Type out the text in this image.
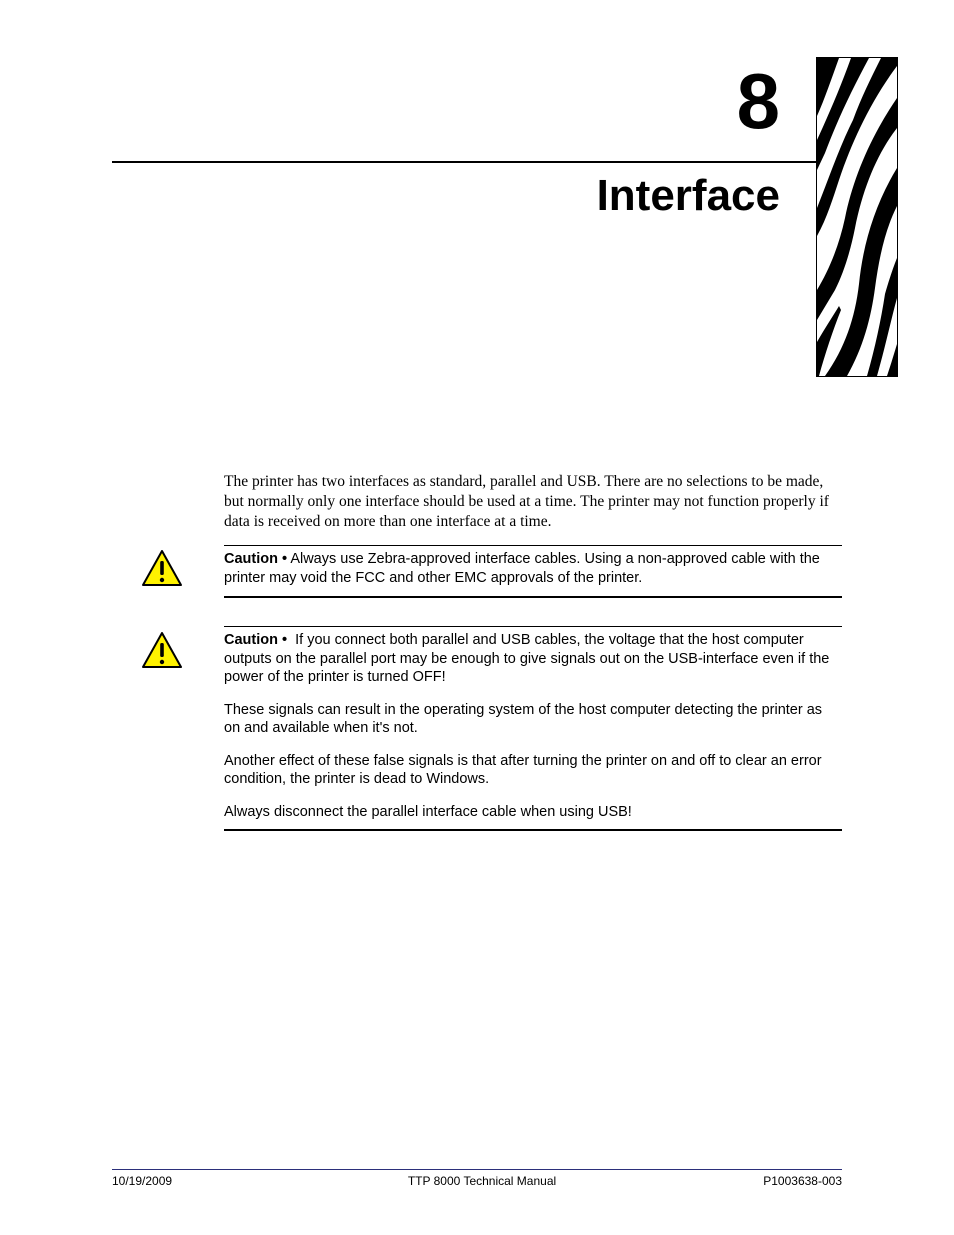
8
Interface

The printer has two interfaces as standard, parallel and USB. There are no selections to be made, but normally only one interface should be used at a time. The printer may not function properly if data is received on more than one interface at a time.

Caution • Always use Zebra-approved interface cables. Using a non-approved cable with the printer may void the FCC and other EMC approvals of the printer.

Caution • If you connect both parallel and USB cables, the voltage that the host computer outputs on the parallel port may be enough to give signals out on the USB-interface even if the power of the printer is turned OFF!

These signals can result in the operating system of the host computer detecting the printer as on and available when it's not.

Another effect of these false signals is that after turning the printer on and off to clear an error condition, the printer is dead to Windows.

Always disconnect the parallel interface cable when using USB!

10/19/2009	TTP 8000 Technical Manual	P1003638-003
